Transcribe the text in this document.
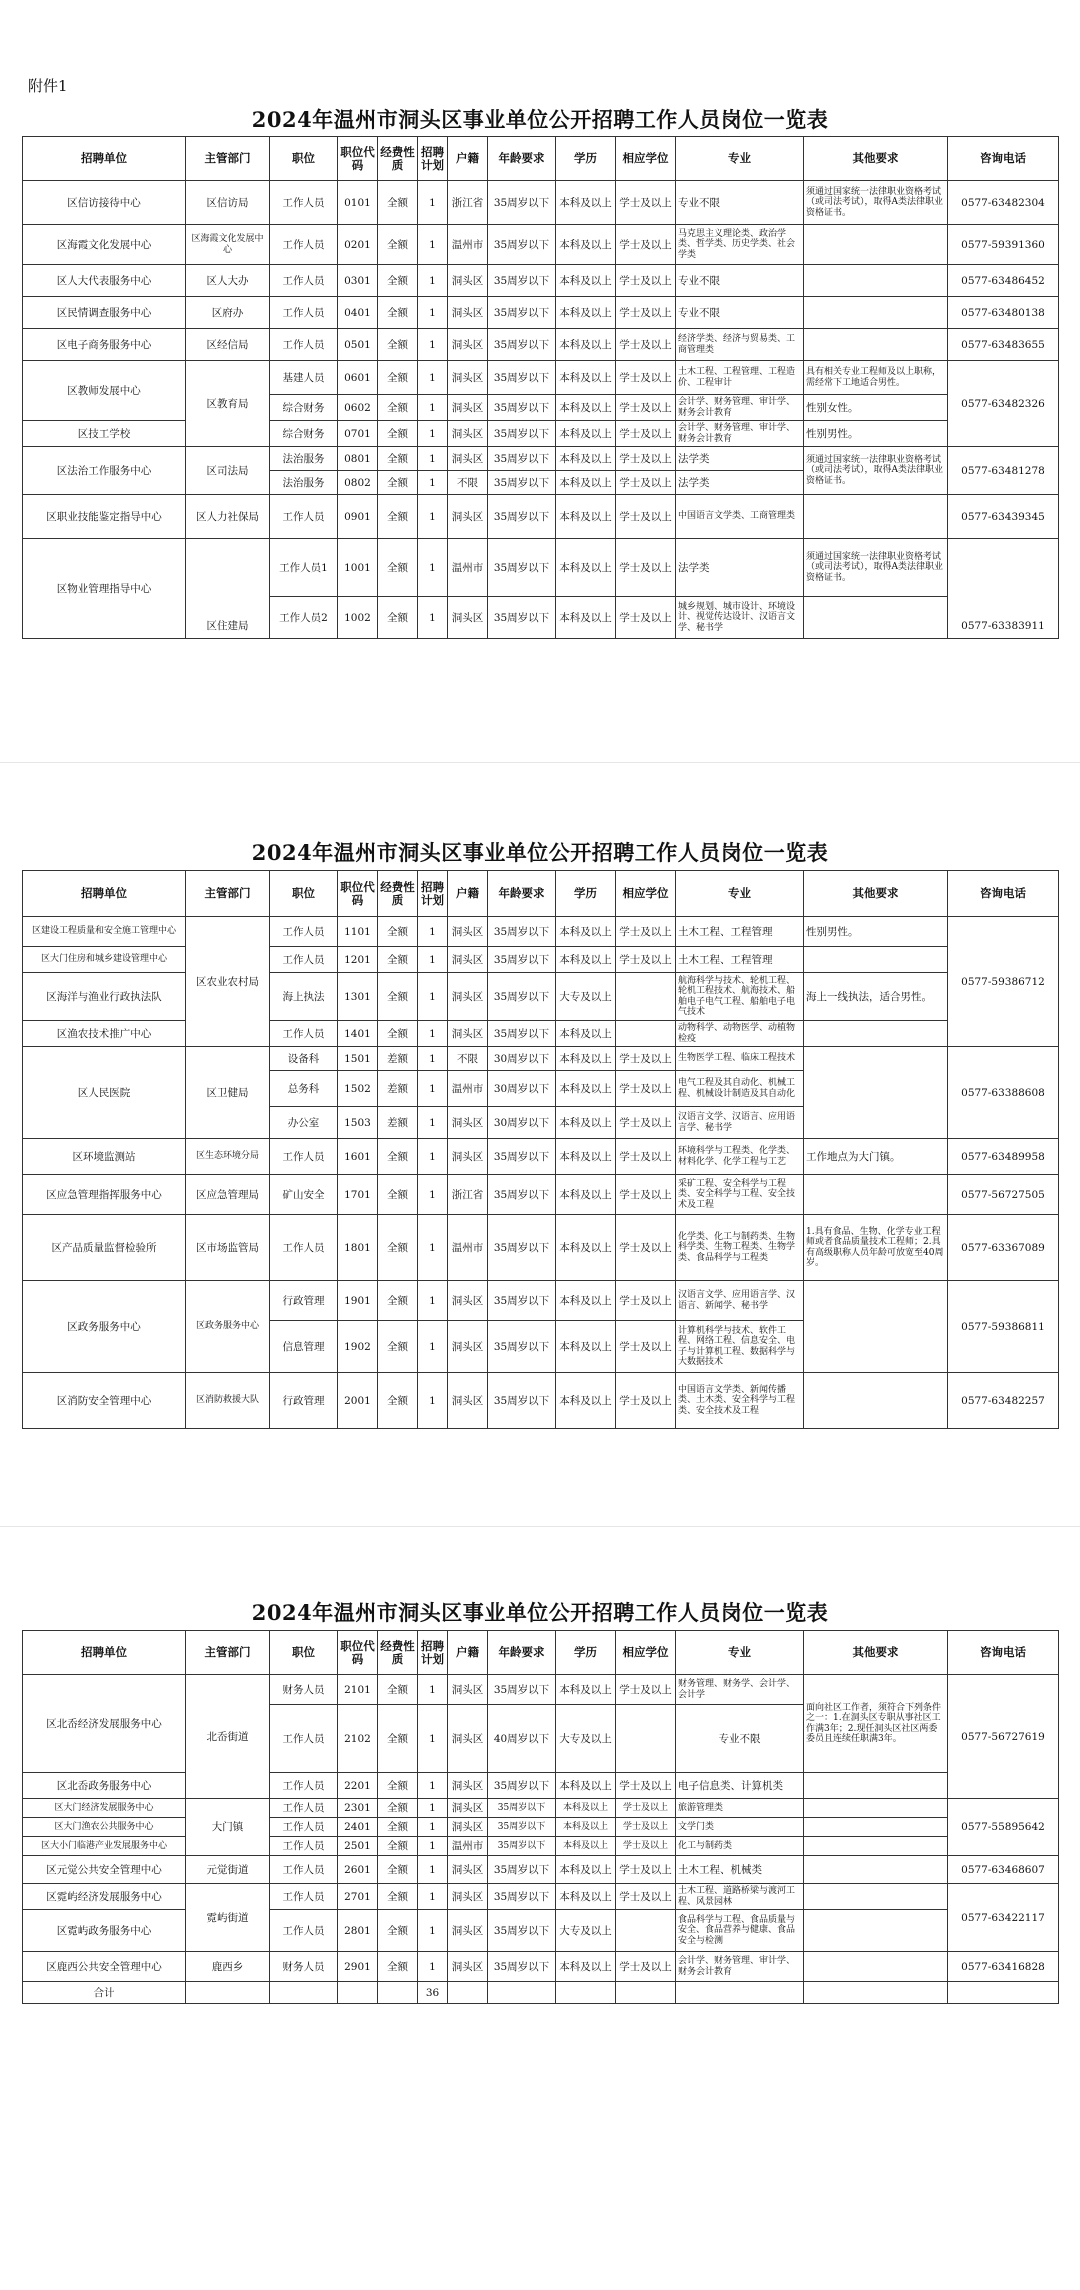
附件1
2024年温州市洞头区事业单位公开招聘工作人员岗位一览表
招聘单位	主管部门	职位	职位代码	经费性质	招聘计划	户籍	年龄要求	学历	相应学位	专业	其他要求	咨询电话
区信访接待中心	区信访局	工作人员	0101	全额	1	浙江省	35周岁以下	本科及以上	学士及以上	专业不限	须通过国家统一法律职业资格考试（或司法考试），取得A类法律职业资格证书。	0577-63482304
区海霞文化发展中心	区海霞文化发展中心	工作人员	0201	全额	1	温州市	35周岁以下	本科及以上	学士及以上	马克思主义理论类、政治学类、哲学类、历史学类、社会学类		0577-59391360
区人大代表服务中心	区人大办	工作人员	0301	全额	1	洞头区	35周岁以下	本科及以上	学士及以上	专业不限		0577-63486452
区民情调查服务中心	区府办	工作人员	0401	全额	1	洞头区	35周岁以下	本科及以上	学士及以上	专业不限		0577-63480138
区电子商务服务中心	区经信局	工作人员	0501	全额	1	洞头区	35周岁以下	本科及以上	学士及以上	经济学类、经济与贸易类、工商管理类		0577-63483655
区教师发展中心	区教育局	基建人员	0601	全额	1	洞头区	35周岁以下	本科及以上	学士及以上	土木工程、工程管理、工程造价、工程审计	具有相关专业工程师及以上职称，需经常下工地适合男性。	0577-63482326
		综合财务	0602	全额	1	洞头区	35周岁以下	本科及以上	学士及以上	会计学、财务管理、审计学、财务会计教育	性别女性。	
区技工学校		综合财务	0701	全额	1	洞头区	35周岁以下	本科及以上	学士及以上	会计学、财务管理、审计学、财务会计教育	性别男性。	
区法治工作服务中心	区司法局	法治服务	0801	全额	1	洞头区	35周岁以下	本科及以上	学士及以上	法学类	须通过国家统一法律职业资格考试（或司法考试），取得A类法律职业资格证书。	0577-63481278
		法治服务	0802	全额	1	不限	35周岁以下	本科及以上	学士及以上	法学类		
区职业技能鉴定指导中心	区人力社保局	工作人员	0901	全额	1	洞头区	35周岁以下	本科及以上	学士及以上	中国语言文学类、工商管理类		0577-63439345
区物业管理指导中心	区住建局	工作人员1	1001	全额	1	温州市	35周岁以下	本科及以上	学士及以上	法学类	须通过国家统一法律职业资格考试（或司法考试），取得A类法律职业资格证书。	0577-63383911
		工作人员2	1002	全额	1	洞头区	35周岁以下	本科及以上	学士及以上	城乡规划、城市设计、环境设计、视觉传达设计、汉语言文学、秘书学		
2024年温州市洞头区事业单位公开招聘工作人员岗位一览表
招聘单位	主管部门	职位	职位代码	经费性质	招聘计划	户籍	年龄要求	学历	相应学位	专业	其他要求	咨询电话
区建设工程质量和安全施工管理中心	区农业农村局	工作人员	1101	全额	1	洞头区	35周岁以下	本科及以上	学士及以上	土木工程、工程管理	性别男性。	0577-59386712
区大门住房和城乡建设管理中心		工作人员	1201	全额	1	洞头区	35周岁以下	本科及以上	学士及以上	土木工程、工程管理		
区海洋与渔业行政执法队		海上执法	1301	全额	1	洞头区	35周岁以下	大专及以上		航海科学与技术、轮机工程、轮机工程技术、航海技术、船舶电子电气工程、船舶电子电气技术	海上一线执法，适合男性。	
区渔农技术推广中心		工作人员	1401	全额	1	洞头区	35周岁以下	本科及以上		动物科学、动物医学、动植物检疫		
区人民医院	区卫健局	设备科	1501	差额	1	不限	30周岁以下	本科及以上	学士及以上	生物医学工程、临床工程技术		0577-63388608
		总务科	1502	差额	1	温州市	30周岁以下	本科及以上	学士及以上	电气工程及其自动化、机械工程、机械设计制造及其自动化		
		办公室	1503	差额	1	洞头区	30周岁以下	本科及以上	学士及以上	汉语言文学、汉语言、应用语言学、秘书学		
区环境监测站	区生态环境分局	工作人员	1601	全额	1	洞头区	35周岁以下	本科及以上	学士及以上	环境科学与工程类、化学类、材料化学、化学工程与工艺	工作地点为大门镇。	0577-63489958
区应急管理指挥服务中心	区应急管理局	矿山安全	1701	全额	1	浙江省	35周岁以下	本科及以上	学士及以上	采矿工程、安全科学与工程类、安全科学与工程、安全技术及工程		0577-56727505
区产品质量监督检验所	区市场监管局	工作人员	1801	全额	1	温州市	35周岁以下	本科及以上	学士及以上	化学类、化工与制药类、生物科学类、生物工程类、生物学类、食品科学与工程类	1.具有食品、生物、化学专业工程师或者食品质量技术工程师；2.具有高级职称人员年龄可放宽至40周岁。	0577-63367089
区政务服务中心	区政务服务中心	行政管理	1901	全额	1	洞头区	35周岁以下	本科及以上	学士及以上	汉语言文学、应用语言学、汉语言、新闻学、秘书学		0577-59386811
		信息管理	1902	全额	1	洞头区	35周岁以下	本科及以上	学士及以上	计算机科学与技术、软件工程、网络工程、信息安全、电子与计算机工程、数据科学与大数据技术		
区消防安全管理中心	区消防救援大队	行政管理	2001	全额	1	洞头区	35周岁以下	本科及以上	学士及以上	中国语言文学类、新闻传播类、土木类、安全科学与工程类、安全技术及工程		0577-63482257
2024年温州市洞头区事业单位公开招聘工作人员岗位一览表
招聘单位	主管部门	职位	职位代码	经费性质	招聘计划	户籍	年龄要求	学历	相应学位	专业	其他要求	咨询电话
区北岙经济发展服务中心	北岙街道	财务人员	2101	全额	1	洞头区	35周岁以下	本科及以上	学士及以上	财务管理、财务学、会计学、会计学	面向社区工作者，须符合下列条件之一：1.在洞头区专职从事社区工作满3年；2.现任洞头区社区两委委员且连续任职满3年。	0577-56727619
		工作人员	2102	全额	1	洞头区	40周岁以下	大专及以上		专业不限		
区北岙政务服务中心		工作人员	2201	全额	1	洞头区	35周岁以下	本科及以上	学士及以上	电子信息类、计算机类		
区大门经济发展服务中心	大门镇	工作人员	2301	全额	1	洞头区	35周岁以下	本科及以上	学士及以上	旅游管理类		0577-55895642
区大门渔农公共服务中心		工作人员	2401	全额	1	洞头区	35周岁以下	本科及以上	学士及以上	文学门类		
区大小门临港产业发展服务中心		工作人员	2501	全额	1	温州市	35周岁以下	本科及以上	学士及以上	化工与制药类		
区元觉公共安全管理中心	元觉街道	工作人员	2601	全额	1	洞头区	35周岁以下	本科及以上	学士及以上	土木工程、机械类		0577-63468607
区霓屿经济发展服务中心	霓屿街道	工作人员	2701	全额	1	洞头区	35周岁以下	本科及以上	学士及以上	土木工程、道路桥梁与渡河工程、风景园林		0577-63422117
区霓屿政务服务中心		工作人员	2801	全额	1	洞头区	35周岁以下	大专及以上		食品科学与工程、食品质量与安全、食品营养与健康、食品安全与检测		
区鹿西公共安全管理中心	鹿西乡	财务人员	2901	全额	1	洞头区	35周岁以下	本科及以上	学士及以上	会计学、财务管理、审计学、财务会计教育		0577-63416828
合计					36							
